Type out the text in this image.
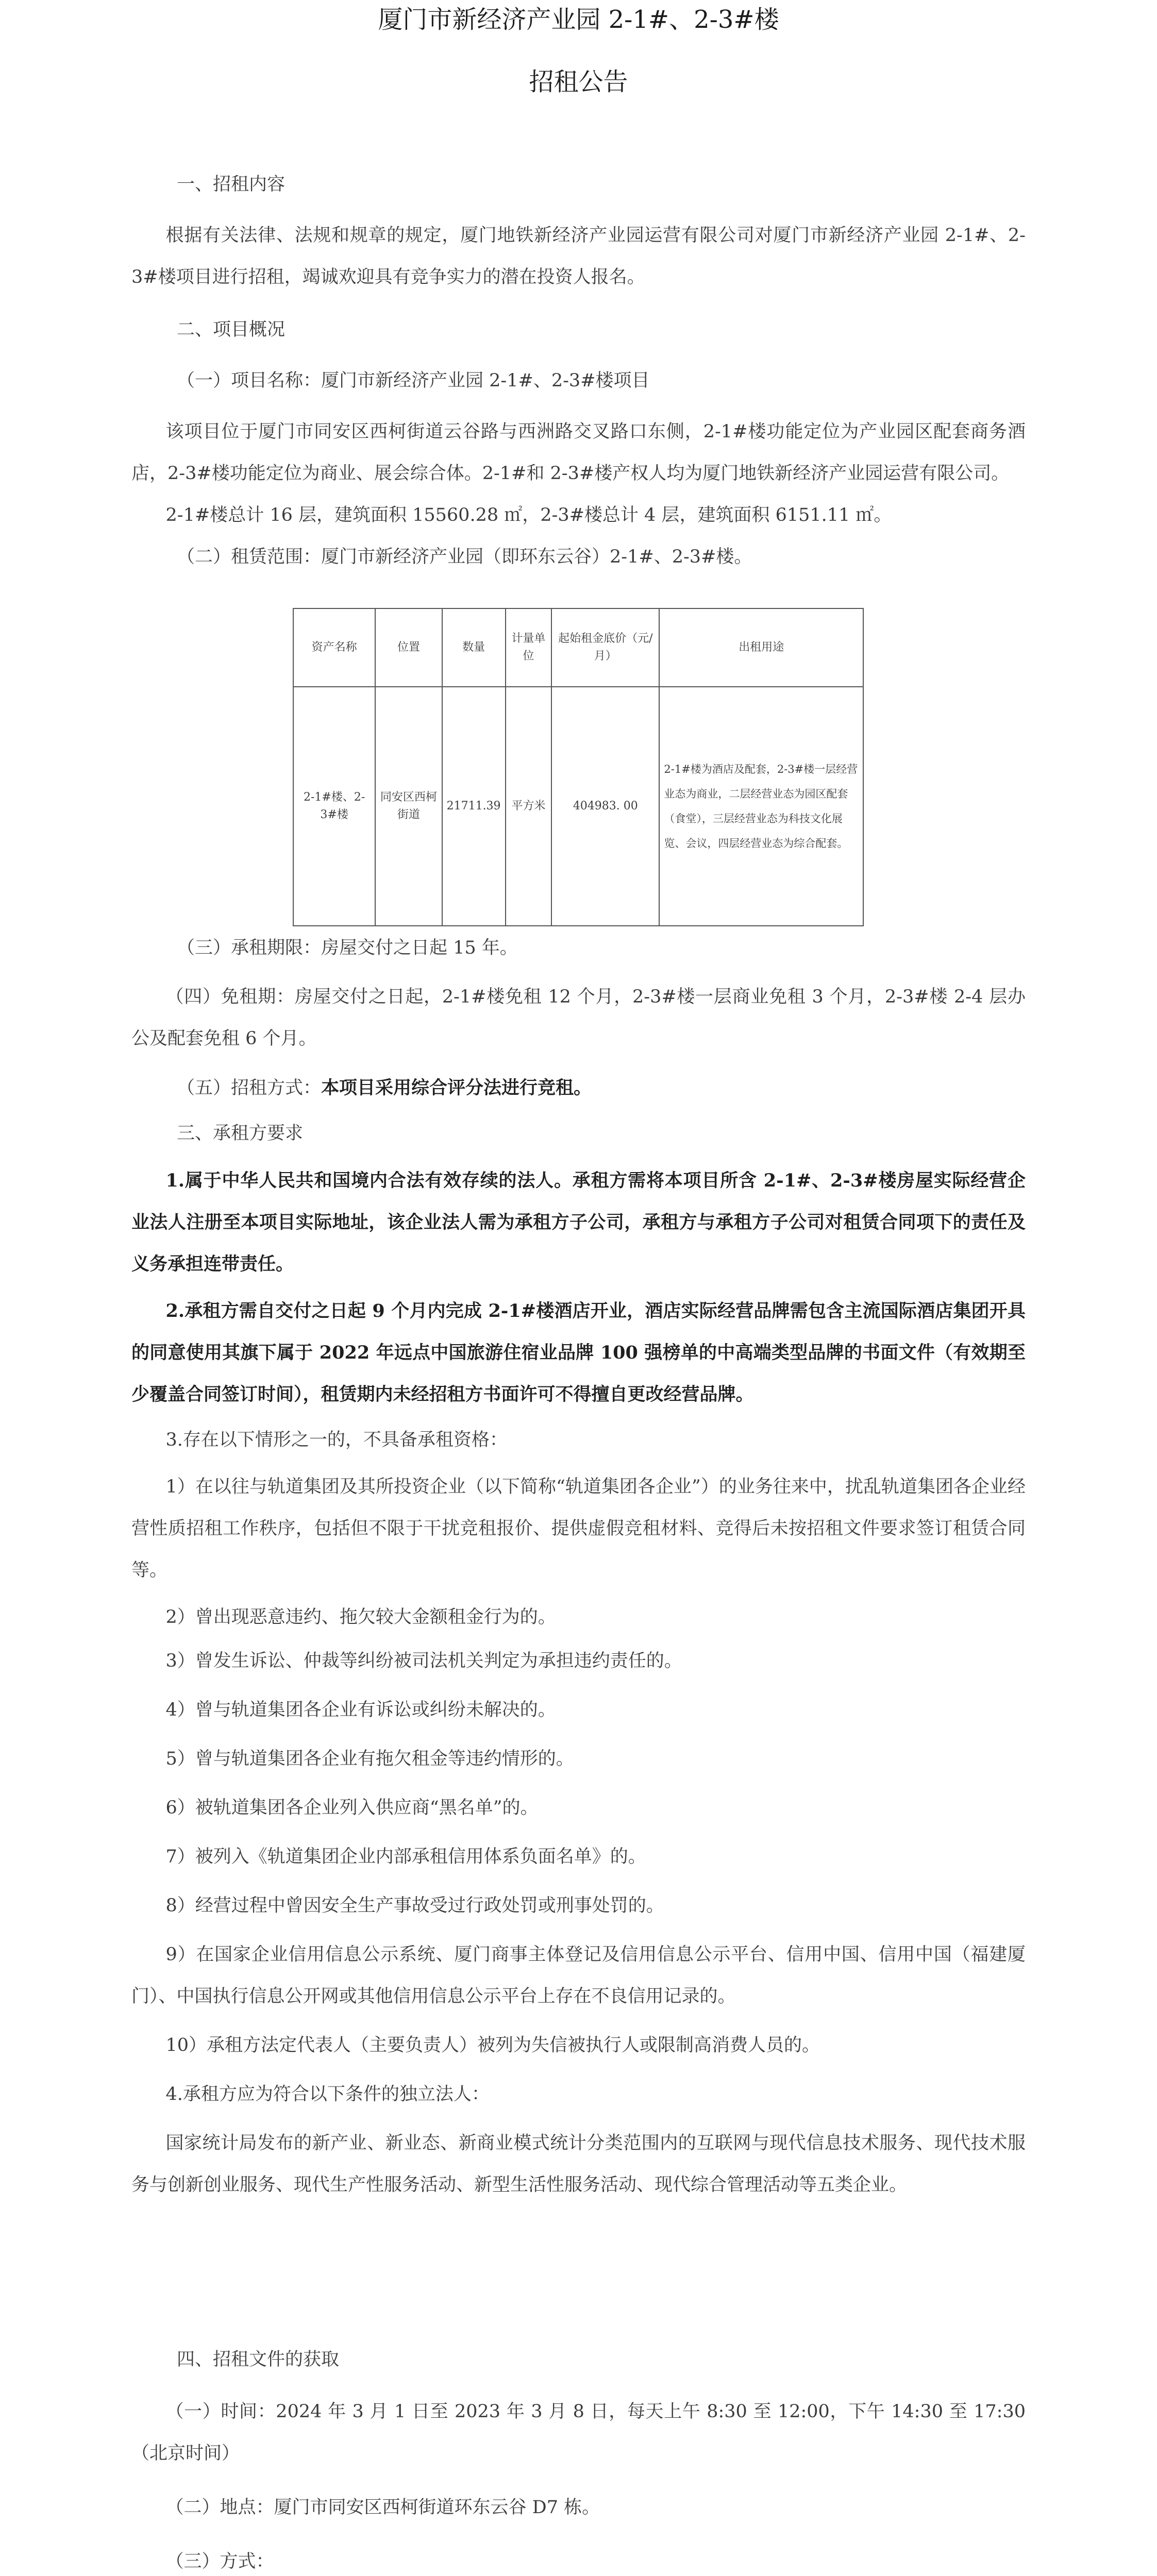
厦门市新经济产业园 2-1#、2-3#楼
招租公告

一、招租内容

根据有关法律、法规和规章的规定，厦门地铁新经济产业园运营有限公司对厦门市新经济产业园 2-1#、2-3#楼项目进行招租，竭诚欢迎具有竞争实力的潜在投资人报名。

二、项目概况

（一）项目名称：厦门市新经济产业园 2-1#、2-3#楼项目

该项目位于厦门市同安区西柯街道云谷路与西洲路交叉路口东侧，2-1#楼功能定位为产业园区配套商务酒店，2-3#楼功能定位为商业、展会综合体。2-1#和 2-3#楼产权人均为厦门地铁新经济产业园运营有限公司。

2-1#楼总计 16 层，建筑面积 15560.28 ㎡，2-3#楼总计 4 层，建筑面积 6151.11 ㎡。

（二）租赁范围：厦门市新经济产业园（即环东云谷）2-1#、2-3#楼。

资产名称	位置	数量	计量单位	起始租金底价（元/月）	出租用途
2-1#楼、2-3#楼	同安区西柯街道	21711.39	平方米	404983. 00	2-1#楼为酒店及配套，2-3#楼一层经营业态为商业，二层经营业态为园区配套（食堂），三层经营业态为科技文化展览、会议，四层经营业态为综合配套。

（三）承租期限：房屋交付之日起 15 年。

（四）免租期：房屋交付之日起，2-1#楼免租 12 个月，2-3#楼一层商业免租 3 个月，2-3#楼 2-4 层办公及配套免租 6 个月。

（五）招租方式：本项目采用综合评分法进行竞租。

三、承租方要求

1.属于中华人民共和国境内合法有效存续的法人。承租方需将本项目所含 2-1#、2-3#楼房屋实际经营企业法人注册至本项目实际地址，该企业法人需为承租方子公司，承租方与承租方子公司对租赁合同项下的责任及义务承担连带责任。

2.承租方需自交付之日起 9 个月内完成 2-1#楼酒店开业，酒店实际经营品牌需包含主流国际酒店集团开具的同意使用其旗下属于 2022 年远点中国旅游住宿业品牌 100 强榜单的中高端类型品牌的书面文件（有效期至少覆盖合同签订时间），租赁期内未经招租方书面许可不得擅自更改经营品牌。

3.存在以下情形之一的，不具备承租资格：

1）在以往与轨道集团及其所投资企业（以下简称“轨道集团各企业”）的业务往来中，扰乱轨道集团各企业经营性质招租工作秩序，包括但不限于干扰竞租报价、提供虚假竞租材料、竞得后未按招租文件要求签订租赁合同等。

2）曾出现恶意违约、拖欠较大金额租金行为的。

3）曾发生诉讼、仲裁等纠纷被司法机关判定为承担违约责任的。

4）曾与轨道集团各企业有诉讼或纠纷未解决的。

5）曾与轨道集团各企业有拖欠租金等违约情形的。

6）被轨道集团各企业列入供应商“黑名单”的。

7）被列入《轨道集团企业内部承租信用体系负面名单》的。

8）经营过程中曾因安全生产事故受过行政处罚或刑事处罚的。

9）在国家企业信用信息公示系统、厦门商事主体登记及信用信息公示平台、信用中国、信用中国（福建厦门）、中国执行信息公开网或其他信用信息公示平台上存在不良信用记录的。

10）承租方法定代表人（主要负责人）被列为失信被执行人或限制高消费人员的。

4.承租方应为符合以下条件的独立法人：

国家统计局发布的新产业、新业态、新商业模式统计分类范围内的互联网与现代信息技术服务、现代技术服务与创新创业服务、现代生产性服务活动、新型生活性服务活动、现代综合管理活动等五类企业。

四、招租文件的获取

（一）时间：2024 年 3 月 1 日至 2023 年 3 月 8 日，每天上午 8:30 至 12:00，下午 14:30 至 17:30（北京时间）

（二）地点：厦门市同安区西柯街道环东云谷 D7 栋。

（三）方式：
